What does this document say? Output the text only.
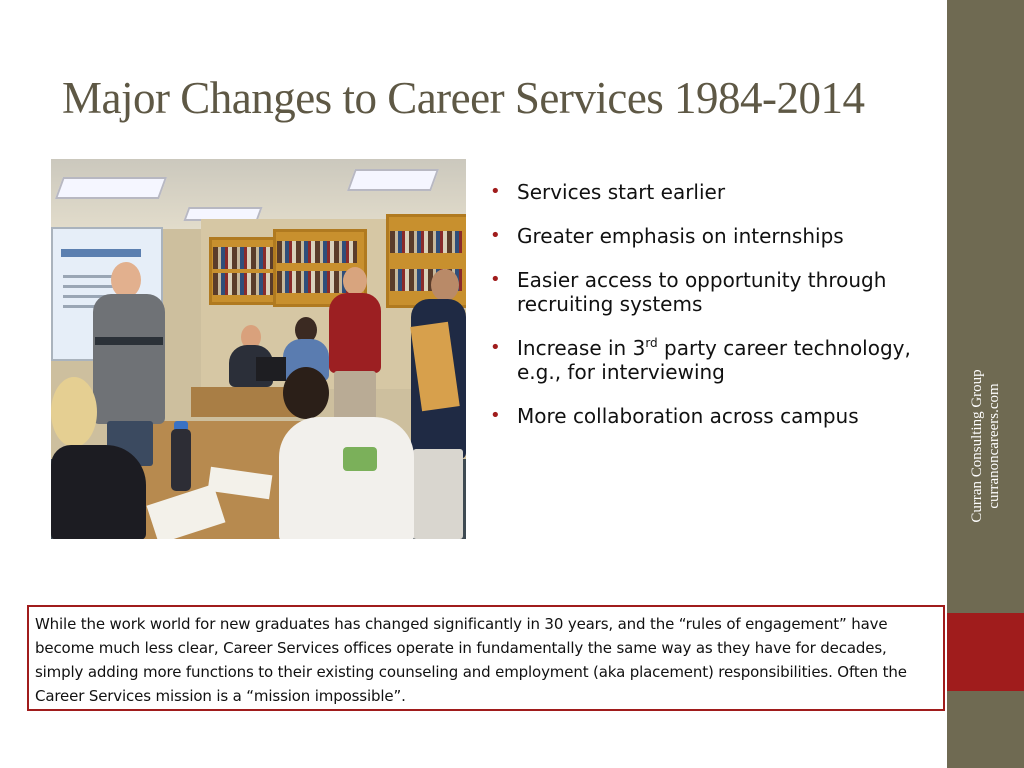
Major Changes to Career Services 1984-2014
• Services start earlier
• Greater emphasis on internships
• Easier access to opportunity through recruiting systems
• Increase in 3rd party career technology, e.g., for interviewing
• More collaboration across campus

While the work world for new graduates has changed significantly in 30 years, and the “rules of engagement” have become much less clear, Career Services offices operate in fundamentally the same way as they have for decades, simply adding more functions to their existing counseling and employment (aka placement) responsibilities. Often the Career Services mission is a “mission impossible”.

Curran Consulting Group curranoncareers.com
